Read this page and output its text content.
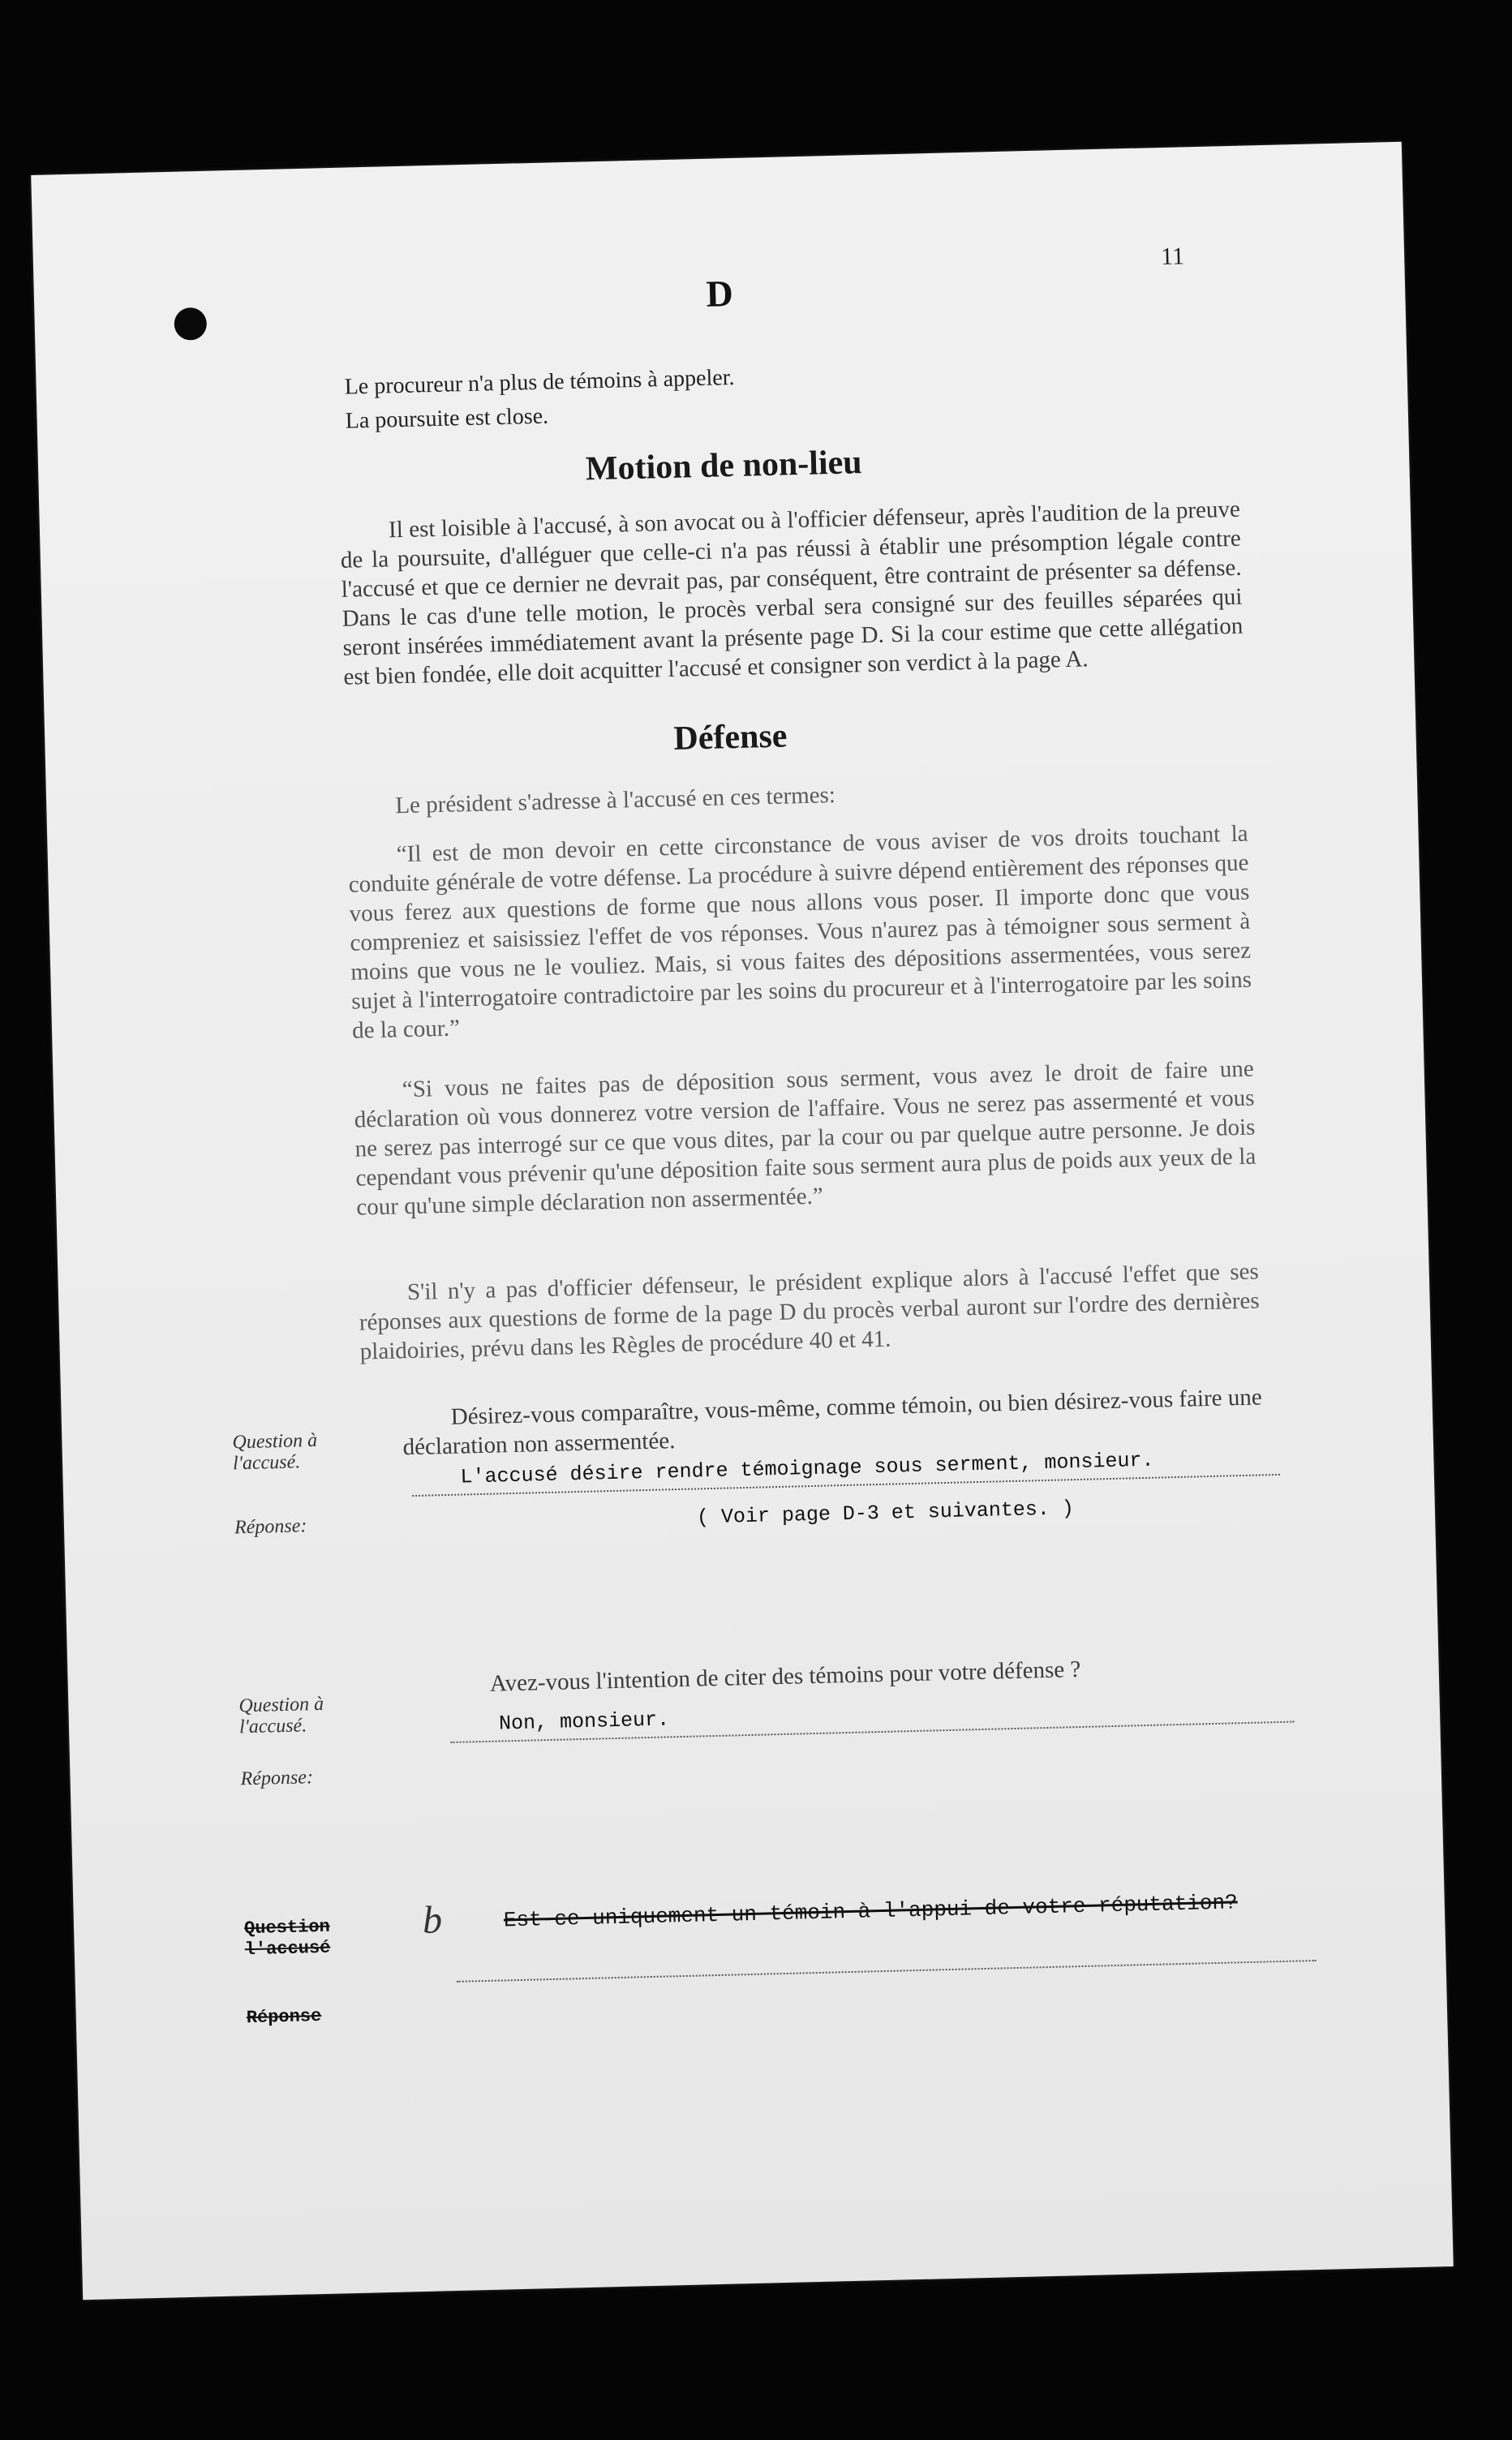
11
D
Le procureur n'a plus de témoins à appeler.
La poursuite est close.
Motion de non-lieu
Il est loisible à l'accusé, à son avocat ou à l'officier défenseur, après l'audition de la preuve de la poursuite, d'alléguer que celle-ci n'a pas réussi à établir une présomption légale contre l'accusé et que ce dernier ne devrait pas, par conséquent, être contraint de présenter sa défense. Dans le cas d'une telle motion, le procès verbal sera consigné sur des feuilles séparées qui seront insérées immédiatement avant la présente page D. Si la cour estime que cette allégation est bien fondée, elle doit acquitter l'accusé et consigner son verdict à la page A.
Défense
Le président s'adresse à l'accusé en ces termes:
“Il est de mon devoir en cette circonstance de vous aviser de vos droits touchant la conduite générale de votre défense. La procédure à suivre dépend entièrement des réponses que vous ferez aux questions de forme que nous allons vous poser. Il importe donc que vous compreniez et saisissiez l'effet de vos réponses. Vous n'aurez pas à témoigner sous serment à moins que vous ne le vouliez. Mais, si vous faites des dépositions assermentées, vous serez sujet à l'interrogatoire contradictoire par les soins du procureur et à l'interrogatoire par les soins de la cour.”
“Si vous ne faites pas de déposition sous serment, vous avez le droit de faire une déclaration où vous donnerez votre version de l'affaire. Vous ne serez pas assermenté et vous ne serez pas interrogé sur ce que vous dites, par la cour ou par quelque autre personne. Je dois cependant vous prévenir qu'une déposition faite sous serment aura plus de poids aux yeux de la cour qu'une simple déclaration non assermentée.”
S'il n'y a pas d'officier défenseur, le président explique alors à l'accusé l'effet que ses réponses aux questions de forme de la page D du procès verbal auront sur l'ordre des dernières plaidoiries, prévu dans les Règles de procédure 40 et 41.
Question à
l'accusé.
Désirez-vous comparaître, vous-même, comme témoin, ou bien désirez-vous faire une déclaration non assermentée.
Réponse:
L'accusé désire rendre témoignage sous serment, monsieur.
( Voir page D-3 et suivantes. )
Question à
l'accusé.
Avez-vous l'intention de citer des témoins pour votre défense ?
Non, monsieur.
Réponse:
Question
l'accusé
b	Est-ce uniquement un témoin à l'appui de votre réputation?
Réponse
